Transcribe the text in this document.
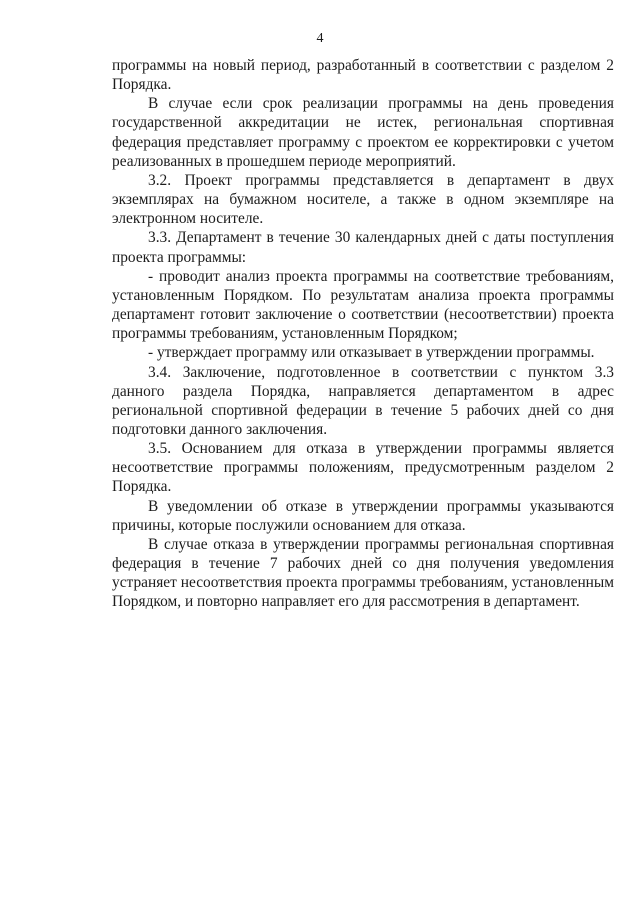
4

программы на новый период, разработанный в соответствии с разделом 2 Порядка.

В случае если срок реализации программы на день проведения государственной аккредитации не истек, региональная спортивная федерация представляет программу с проектом ее корректировки с учетом реализованных в прошедшем периоде мероприятий.

3.2. Проект программы представляется в департамент в двух экземплярах на бумажном носителе, а также в одном экземпляре на электронном носителе.

3.3. Департамент в течение 30 календарных дней с даты поступления проекта программы:

- проводит анализ проекта программы на соответствие требованиям, установленным Порядком. По результатам анализа проекта программы департамент готовит заключение о соответствии (несоответствии) проекта программы требованиям, установленным Порядком;

- утверждает программу или отказывает в утверждении программы.

3.4. Заключение, подготовленное в соответствии с пунктом 3.3 данного раздела Порядка, направляется департаментом в адрес региональной спортивной федерации в течение 5 рабочих дней со дня подготовки данного заключения.

3.5. Основанием для отказа в утверждении программы является несоответствие программы положениям, предусмотренным разделом 2 Порядка.

В уведомлении об отказе в утверждении программы указываются причины, которые послужили основанием для отказа.

В случае отказа в утверждении программы региональная спортивная федерация в течение 7 рабочих дней со дня получения уведомления устраняет несоответствия проекта программы требованиям, установленным Порядком, и повторно направляет его для рассмотрения в департамент.
